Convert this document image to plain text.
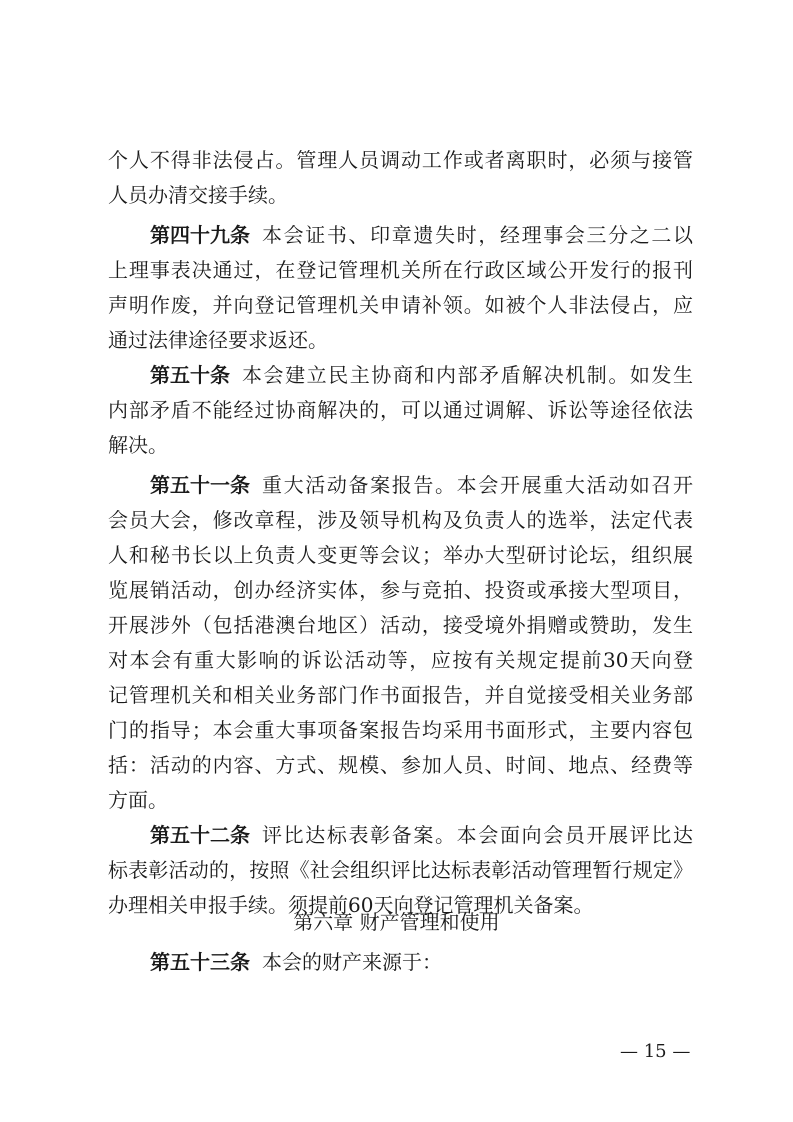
个人不得非法侵占。管理人员调动工作或者离职时，必须与接管
人员办清交接手续。
第四十九条 本会证书、印章遗失时，经理事会三分之二以
上理事表决通过，在登记管理机关所在行政区域公开发行的报刊
声明作废，并向登记管理机关申请补领。如被个人非法侵占，应
通过法律途径要求返还。
第五十条 本会建立民主协商和内部矛盾解决机制。如发生
内部矛盾不能经过协商解决的，可以通过调解、诉讼等途径依法
解决。
第五十一条 重大活动备案报告。本会开展重大活动如召开
会员大会，修改章程，涉及领导机构及负责人的选举，法定代表
人和秘书长以上负责人变更等会议；举办大型研讨论坛，组织展
览展销活动，创办经济实体，参与竞拍、投资或承接大型项目，
开展涉外（包括港澳台地区）活动，接受境外捐赠或赞助，发生
对本会有重大影响的诉讼活动等，应按有关规定提前30天向登
记管理机关和相关业务部门作书面报告，并自觉接受相关业务部
门的指导；本会重大事项备案报告均采用书面形式，主要内容包
括：活动的内容、方式、规模、参加人员、时间、地点、经费等
方面。
第五十二条 评比达标表彰备案。本会面向会员开展评比达
标表彰活动的，按照《社会组织评比达标表彰活动管理暂行规定》
办理相关申报手续。须提前60天向登记管理机关备案。
第五十三条 本会的财产来源于：
第六章 财产管理和使用
— 15 —
